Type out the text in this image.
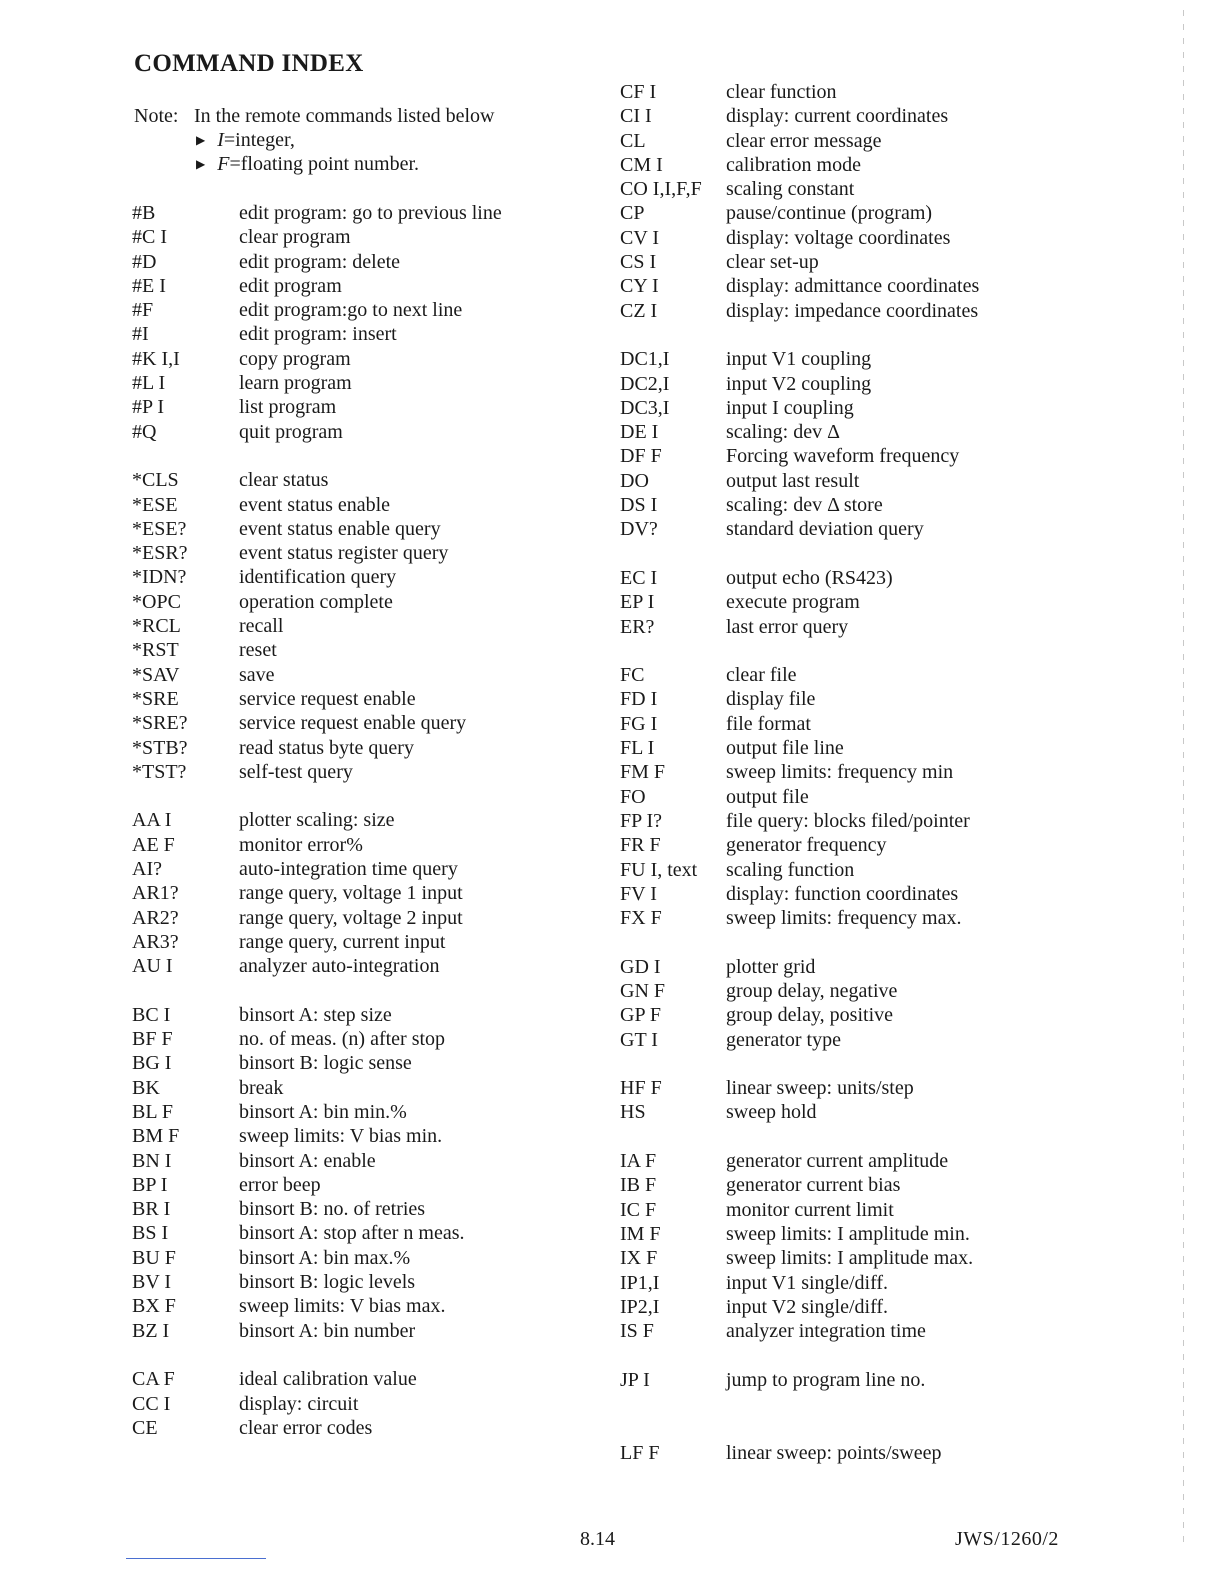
COMMAND INDEX
Note: In the remote commands listed below
▶ I=integer,
▶ F=floating point number.
#B	edit program: go to previous line
#C I	clear program
#D	edit program: delete
#E I	edit program
#F	edit program:go to next line
#I	edit program: insert
#K I,I	copy program
#L I	learn program
#P I	list program
#Q	quit program
*CLS	clear status
*ESE	event status enable
*ESE?	event status enable query
*ESR?	event status register query
*IDN?	identification query
*OPC	operation complete
*RCL	recall
*RST	reset
*SAV	save
*SRE	service request enable
*SRE?	service request enable query
*STB?	read status byte query
*TST?	self-test query
AA I	plotter scaling: size
AE F	monitor error%
AI?	auto-integration time query
AR1?	range query, voltage 1 input
AR2?	range query, voltage 2 input
AR3?	range query, current input
AU I	analyzer auto-integration
BC I	binsort A: step size
BF F	no. of meas. (n) after stop
BG I	binsort B: logic sense
BK	break
BL F	binsort A: bin min.%
BM F	sweep limits: V bias min.
BN I	binsort A: enable
BP I	error beep
BR I	binsort B: no. of retries
BS I	binsort A: stop after n meas.
BU F	binsort A: bin max.%
BV I	binsort B: logic levels
BX F	sweep limits: V bias max.
BZ I	binsort A: bin number
CA F	ideal calibration value
CC I	display: circuit
CE	clear error codes
CF I	clear function
CI I	display: current coordinates
CL	clear error message
CM I	calibration mode
CO I,I,F,F	scaling constant
CP	pause/continue (program)
CV I	display: voltage coordinates
CS I	clear set-up
CY I	display: admittance coordinates
CZ I	display: impedance coordinates
DC1,I	input V1 coupling
DC2,I	input V2 coupling
DC3,I	input I coupling
DE I	scaling: dev Δ
DF F	Forcing waveform frequency
DO	output last result
DS I	scaling: dev Δ store
DV?	standard deviation query
EC I	output echo (RS423)
EP I	execute program
ER?	last error query
FC	clear file
FD I	display file
FG I	file format
FL I	output file line
FM F	sweep limits: frequency min
FO	output file
FP I?	file query: blocks filed/pointer
FR F	generator frequency
FU I, text	scaling function
FV I	display: function coordinates
FX F	sweep limits: frequency max.
GD I	plotter grid
GN F	group delay, negative
GP F	group delay, positive
GT I	generator type
HF F	linear sweep: units/step
HS	sweep hold
IA F	generator current amplitude
IB F	generator current bias
IC F	monitor current limit
IM F	sweep limits: I amplitude min.
IX F	sweep limits: I amplitude max.
IP1,I	input V1 single/diff.
IP2,I	input V2 single/diff.
IS F	analyzer integration time
JP I	jump to program line no.
LF F	linear sweep: points/sweep
8.14	JWS/1260/2
